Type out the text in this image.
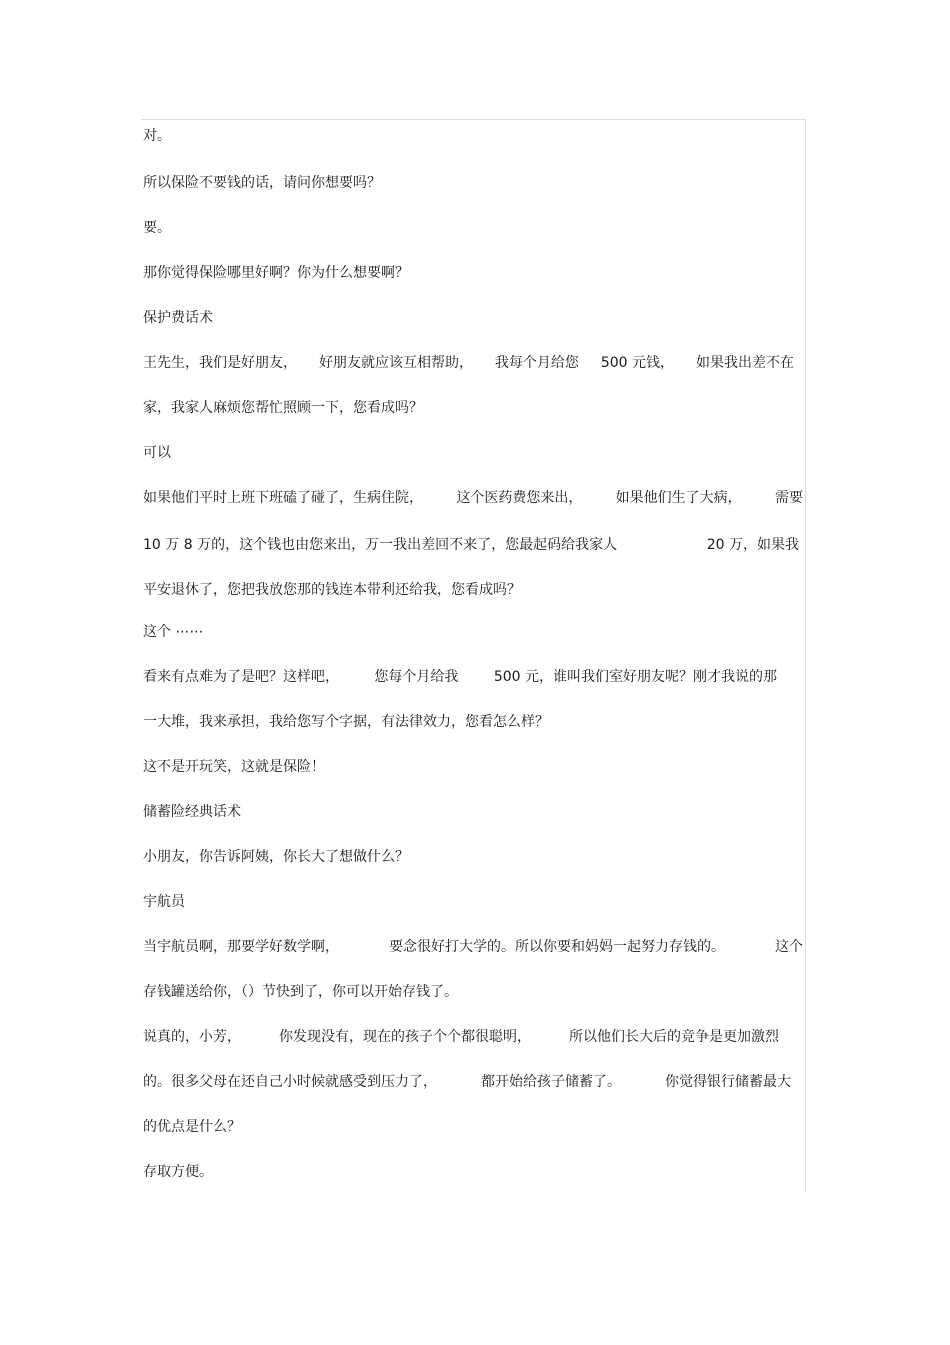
对。
所以保险不要钱的话，请问你想要吗？
要。
那你觉得保险哪里好啊？你为什么想要啊？
保护费话术
王先生，我们是好朋友， 好朋友就应该互相帮助， 我每个月给您 500 元钱， 如果我出差不在
家，我家人麻烦您帮忙照顾一下，您看成吗？
可以
如果他们平时上班下班磕了碰了，生病住院， 这个医药费您来出， 如果他们生了大病， 需要
10 万 8 万的，这个钱也由您来出，万一我出差回不来了，您最起码给我家人	20 万，如果我
平安退休了，您把我放您那的钱连本带利还给我，您看成吗？
这个 ⋯⋯
看来有点难为了是吧？这样吧，	您每个月给我	500 元，谁叫我们室好朋友呢？刚才我说的那
一大堆，我来承担，我给您写个字据，有法律效力，您看怎么样？
这不是开玩笑，这就是保险！
储蓄险经典话术
小朋友，你告诉阿姨，你长大了想做什么？
宇航员
当宇航员啊，那要学好数学啊，	要念很好打大学的。所以你要和妈妈一起努力存钱的。	这个
存钱罐送给你，（）节快到了，你可以开始存钱了。
说真的，小芳，	你发现没有，现在的孩子个个都很聪明，	所以他们长大后的竞争是更加激烈
的。很多父母在还自己小时候就感受到压力了，	都开始给孩子储蓄了。	你觉得银行储蓄最大
的优点是什么？
存取方便。
